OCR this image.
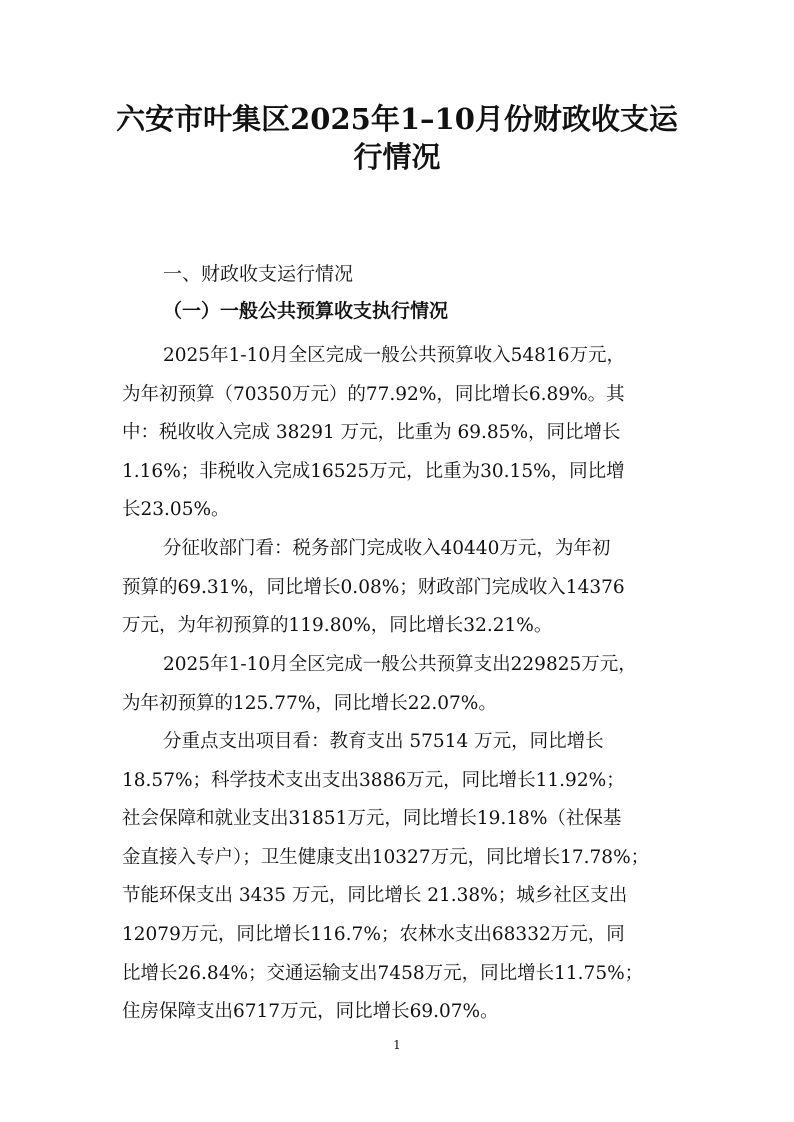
六安市叶集区2025年1–10月份财政收支运
行情况
一、财政收支运行情况
（一）一般公共预算收支执行情况
2025年1-10月全区完成一般公共预算收入54816万元，
为年初预算（70350万元）的77.92%，同比增长6.89%。其
中：税收收入完成 38291 万元，比重为 69.85%，同比增长
1.16%；非税收入完成16525万元，比重为30.15%，同比增
长23.05%。
分征收部门看：税务部门完成收入40440万元，为年初
预算的69.31%，同比增长0.08%；财政部门完成收入14376
万元，为年初预算的119.80%，同比增长32.21%。
2025年1-10月全区完成一般公共预算支出229825万元，
为年初预算的125.77%，同比增长22.07%。
分重点支出项目看：教育支出 57514 万元，同比增长
18.57%；科学技术支出支出3886万元，同比增长11.92%；
社会保障和就业支出31851万元，同比增长19.18%（社保基
金直接入专户）；卫生健康支出10327万元，同比增长17.78%；
节能环保支出 3435 万元，同比增长 21.38%；城乡社区支出
12079万元，同比增长116.7%；农林水支出68332万元，同
比增长26.84%；交通运输支出7458万元，同比增长11.75%；
住房保障支出6717万元，同比增长69.07%。
1
